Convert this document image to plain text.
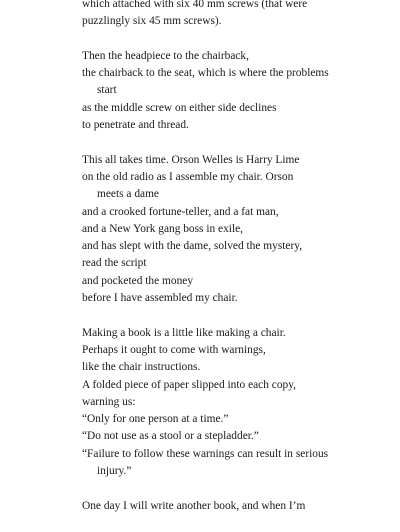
which attached with six 40 mm screws (that were
puzzlingly six 45 mm screws).
Then the headpiece to the chairback,
the chairback to the seat, which is where the problems
start
as the middle screw on either side declines
to penetrate and thread.
This all takes time. Orson Welles is Harry Lime
on the old radio as I assemble my chair. Orson
meets a dame
and a crooked fortune-teller, and a fat man,
and a New York gang boss in exile,
and has slept with the dame, solved the mystery,
read the script
and pocketed the money
before I have assembled my chair.
Making a book is a little like making a chair.
Perhaps it ought to come with warnings,
like the chair instructions.
A folded piece of paper slipped into each copy,
warning us:
“Only for one person at a time.”
“Do not use as a stool or a stepladder.”
“Failure to follow these warnings can result in serious
injury.”
One day I will write another book, and when I’m
